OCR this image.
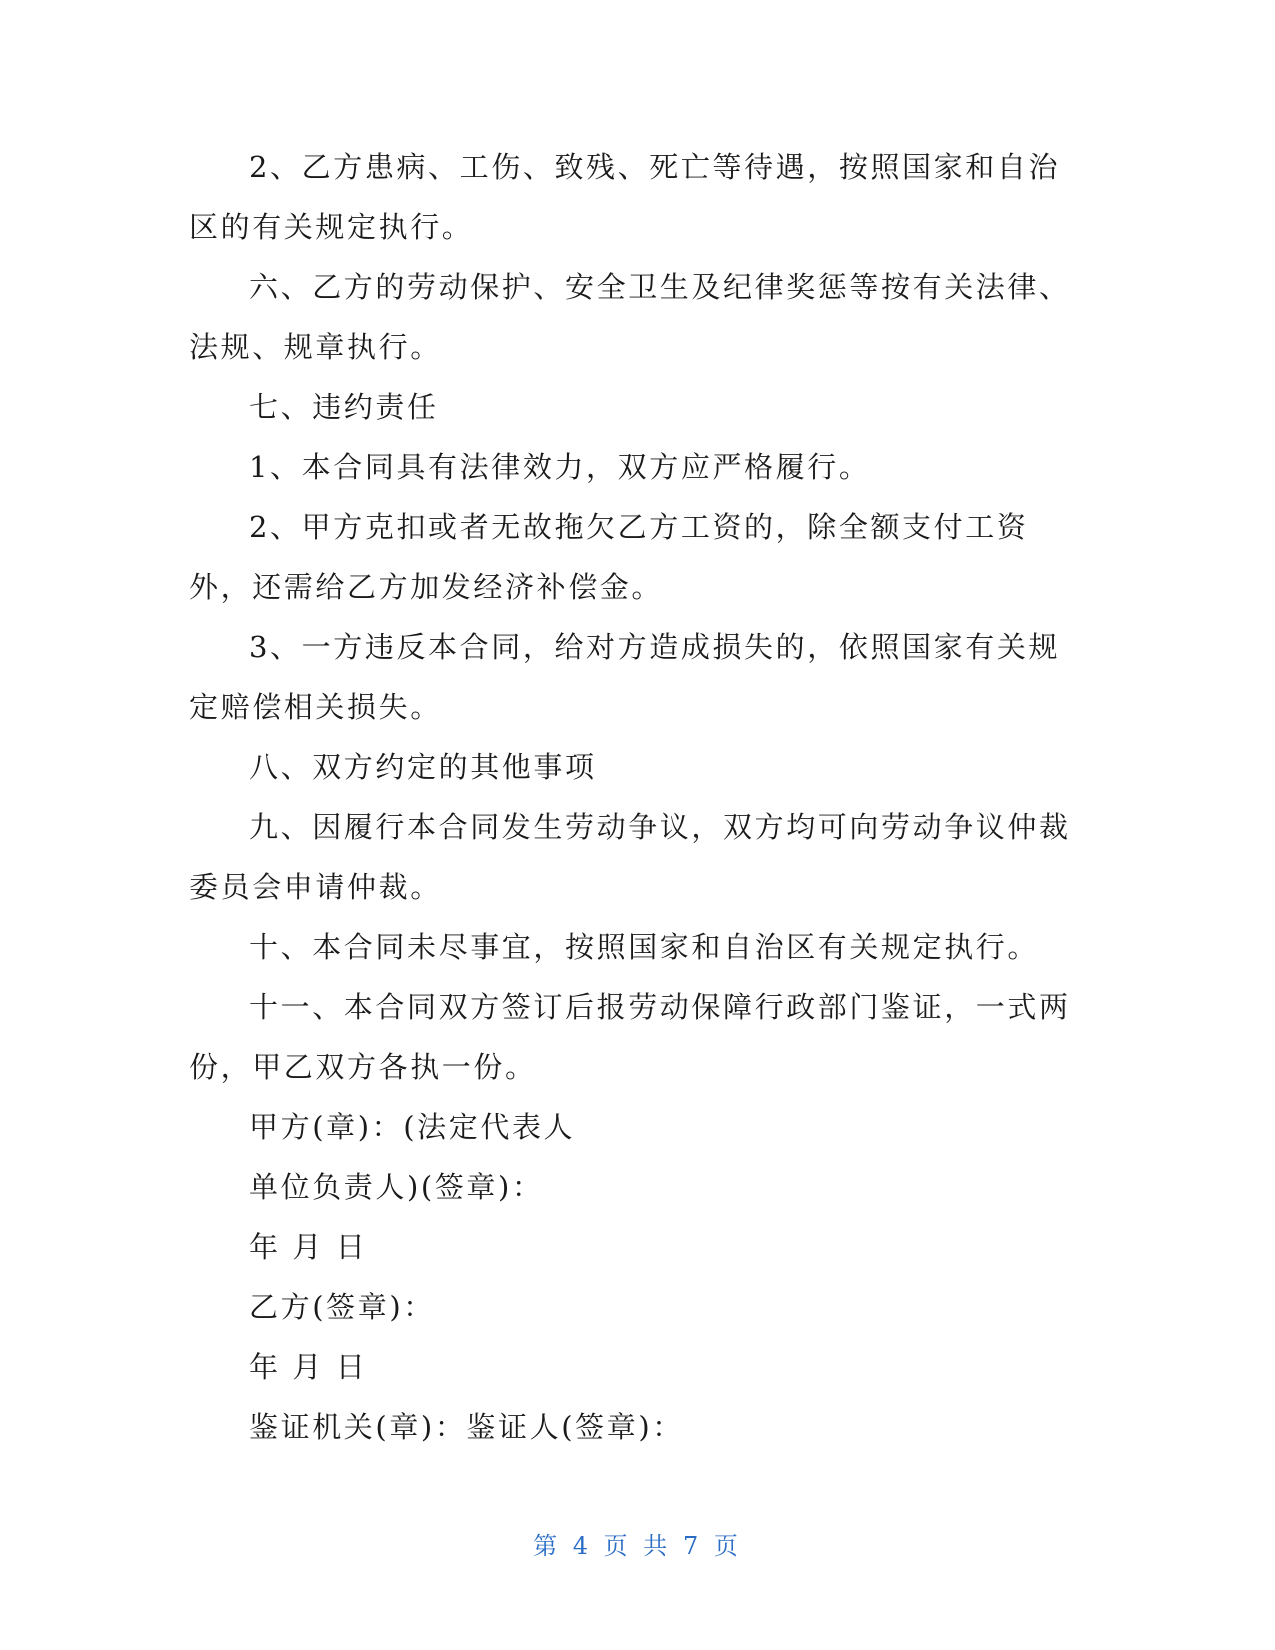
2、乙方患病、工伤、致残、死亡等待遇，按照国家和自治区的有关规定执行。

六、乙方的劳动保护、安全卫生及纪律奖惩等按有关法律、法规、规章执行。

七、违约责任

1、本合同具有法律效力，双方应严格履行。

2、甲方克扣或者无故拖欠乙方工资的，除全额支付工资外，还需给乙方加发经济补偿金。

3、一方违反本合同，给对方造成损失的，依照国家有关规定赔偿相关损失。

八、双方约定的其他事项

九、因履行本合同发生劳动争议，双方均可向劳动争议仲裁委员会申请仲裁。

十、本合同未尽事宜，按照国家和自治区有关规定执行。

十一、本合同双方签订后报劳动保障行政部门鉴证，一式两份，甲乙双方各执一份。

甲方(章)：(法定代表人

单位负责人)(签章)：

年 月 日

乙方(签章)：

年 月 日

鉴证机关(章)：鉴证人(签章)：

第 4 页 共 7 页
